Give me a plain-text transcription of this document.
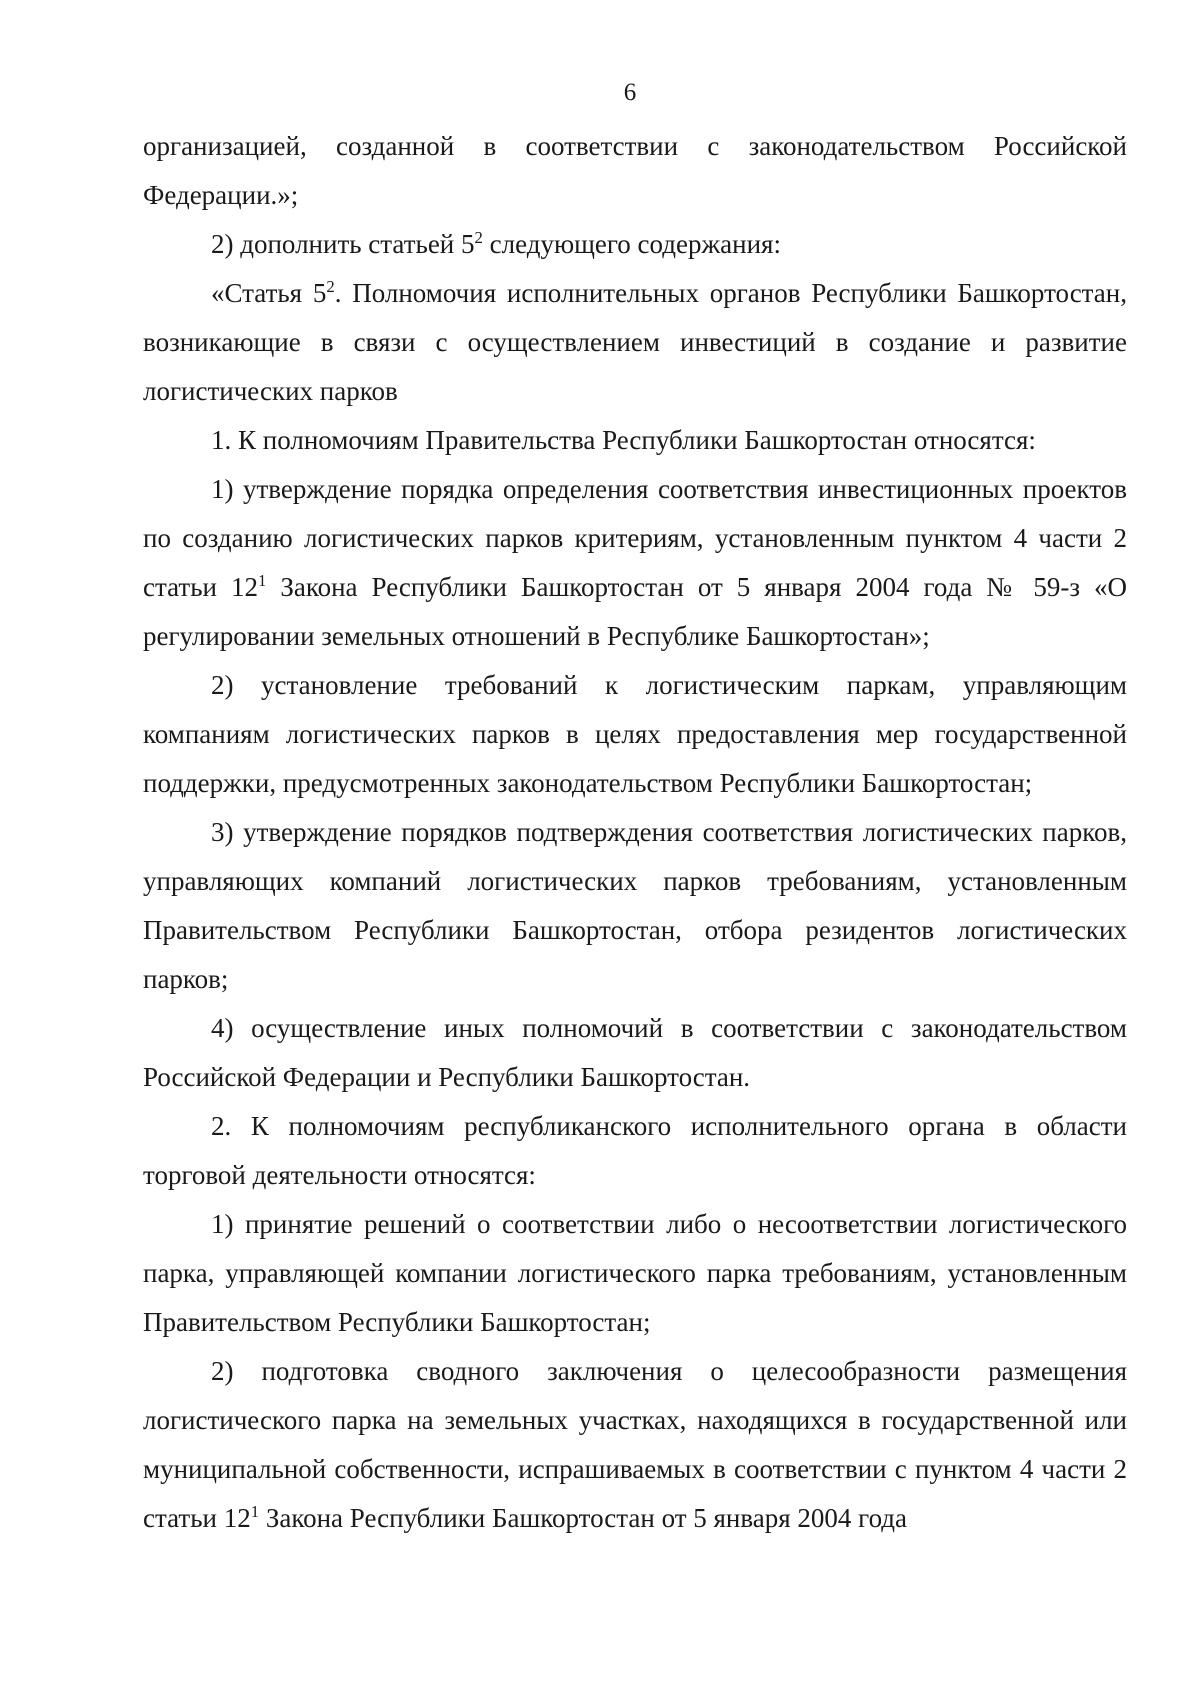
6

организацией, созданной в соответствии с законодательством Российской Федерации.»;

2) дополнить статьей $5^2$ следующего содержания:

«Статья $5^2$. Полномочия исполнительных органов Республики Башкортостан, возникающие в связи с осуществлением инвестиций в создание и развитие логистических парков

1. К полномочиям Правительства Республики Башкортостан относятся:

1) утверждение порядка определения соответствия инвестиционных проектов по созданию логистических парков критериям, установленным пунктом 4 части 2 статьи $12^1$ Закона Республики Башкортостан от 5 января 2004 года № 59-з «О регулировании земельных отношений в Республике Башкортостан»;

2) установление требований к логистическим паркам, управляющим компаниям логистических парков в целях предоставления мер государственной поддержки, предусмотренных законодательством Республики Башкортостан;

3) утверждение порядков подтверждения соответствия логистических парков, управляющих компаний логистических парков требованиям, установленным Правительством Республики Башкортостан, отбора резидентов логистических парков;

4) осуществление иных полномочий в соответствии с законодательством Российской Федерации и Республики Башкортостан.

2. К полномочиям республиканского исполнительного органа в области торговой деятельности относятся:

1) принятие решений о соответствии либо о несоответствии логистического парка, управляющей компании логистического парка требованиям, установленным Правительством Республики Башкортостан;

2) подготовка сводного заключения о целесообразности размещения логистического парка на земельных участках, находящихся в государственной или муниципальной собственности, испрашиваемых в соответствии с пунктом 4 части 2 статьи $12^1$ Закона Республики Башкортостан от 5 января 2004 года
